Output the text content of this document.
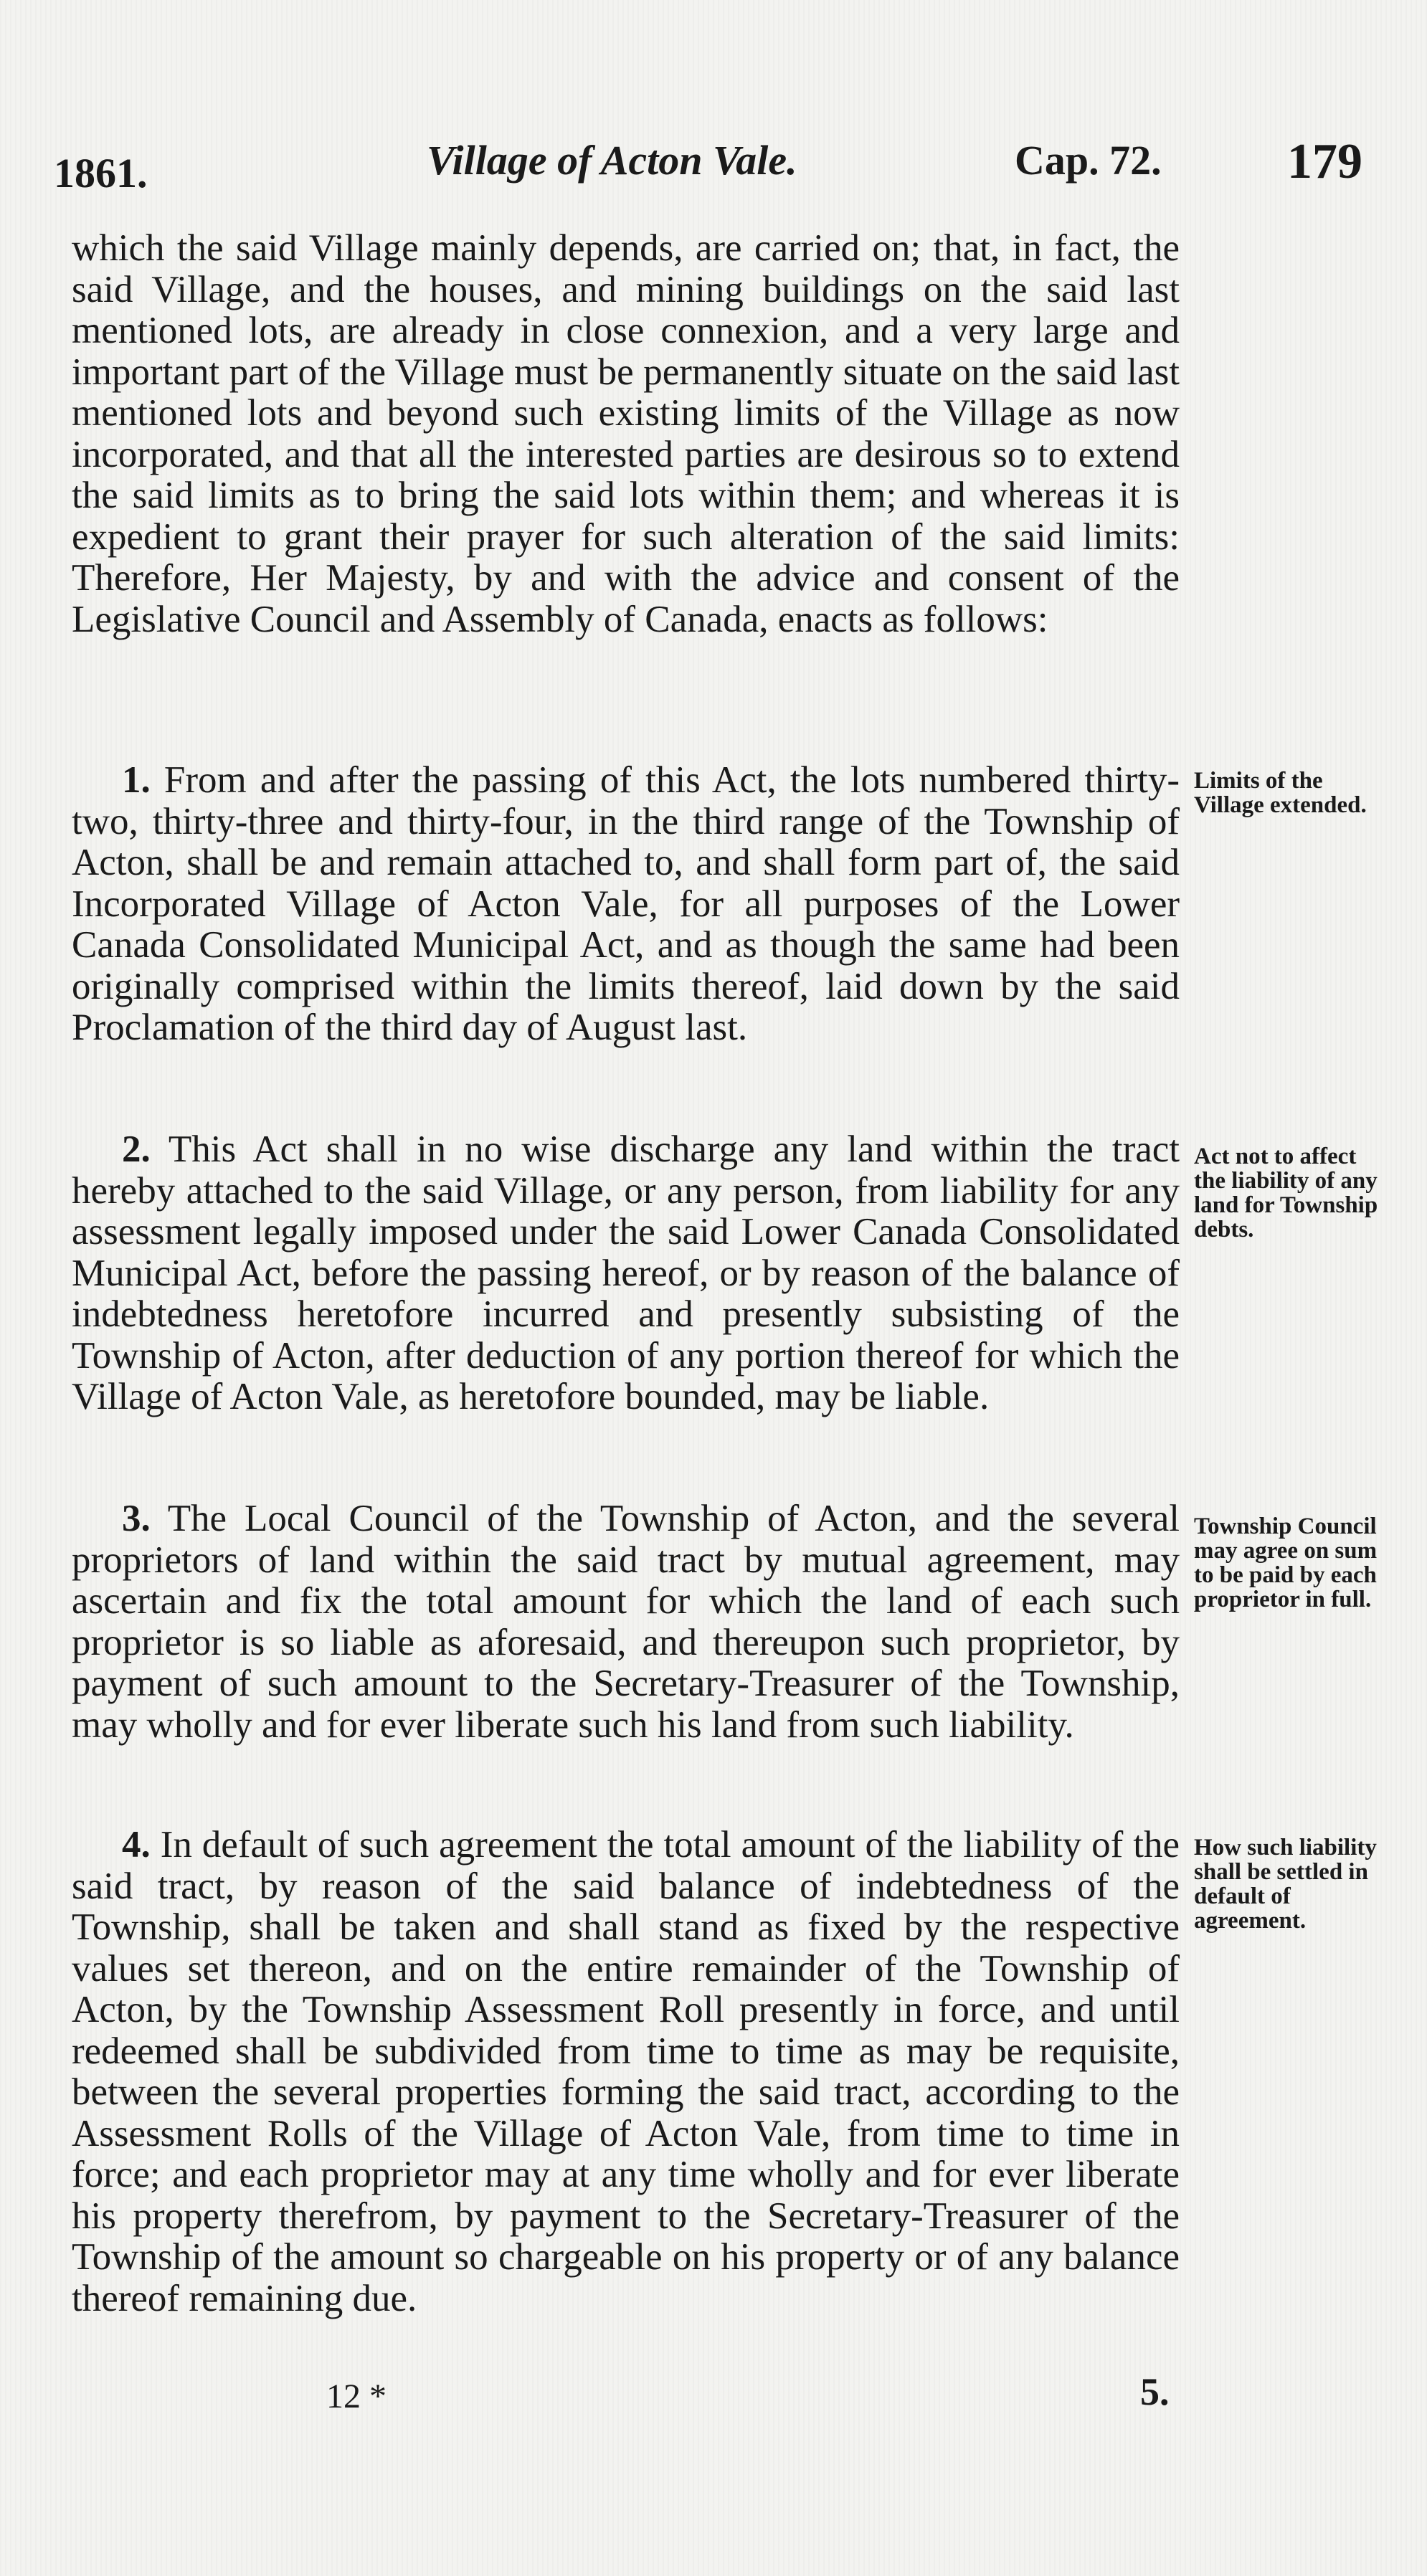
1861.	Village of Acton Vale.	Cap. 72.	179

which the said Village mainly depends, are carried on; that, in fact, the said Village, and the houses, and mining buildings on the said last mentioned lots, are already in close connexion, and a very large and important part of the Village must be permanently situate on the said last mentioned lots and beyond such existing limits of the Village as now incorporated, and that all the interested parties are desirous so to extend the said limits as to bring the said lots within them; and whereas it is expedient to grant their prayer for such alteration of the said limits: Therefore, Her Majesty, by and with the advice and consent of the Legislative Council and Assembly of Canada, enacts as follows:

1. From and after the passing of this Act, the lots numbered thirty-two, thirty-three and thirty-four, in the third range of the Township of Acton, shall be and remain attached to, and shall form part of, the said Incorporated Village of Acton Vale, for all purposes of the Lower Canada Consolidated Municipal Act, and as though the same had been originally comprised within the limits thereof, laid down by the said Proclamation of the third day of August last.

Limits of the Village extended.

2. This Act shall in no wise discharge any land within the tract hereby attached to the said Village, or any person, from liability for any assessment legally imposed under the said Lower Canada Consolidated Municipal Act, before the passing hereof, or by reason of the balance of indebtedness heretofore incurred and presently subsisting of the Township of Acton, after deduction of any portion thereof for which the Village of Acton Vale, as heretofore bounded, may be liable.

Act not to affect the liability of any land for Township debts.

3. The Local Council of the Township of Acton, and the several proprietors of land within the said tract by mutual agreement, may ascertain and fix the total amount for which the land of each such proprietor is so liable as aforesaid, and thereupon such proprietor, by payment of such amount to the Secretary-Treasurer of the Township, may wholly and for ever liberate such his land from such liability.

Township Council may agree on sum to be paid by each proprietor in full.

4. In default of such agreement the total amount of the liability of the said tract, by reason of the said balance of indebtedness of the Township, shall be taken and shall stand as fixed by the respective values set thereon, and on the entire remainder of the Township of Acton, by the Township Assessment Roll presently in force, and until redeemed shall be subdivided from time to time as may be requisite, between the several properties forming the said tract, according to the Assessment Rolls of the Village of Acton Vale, from time to time in force; and each proprietor may at any time wholly and for ever liberate his property therefrom, by payment to the Secretary-Treasurer of the Township of the amount so chargeable on his property or of any balance thereof remaining due.

How such liability shall be settled in default of agreement.
12 *	5.
